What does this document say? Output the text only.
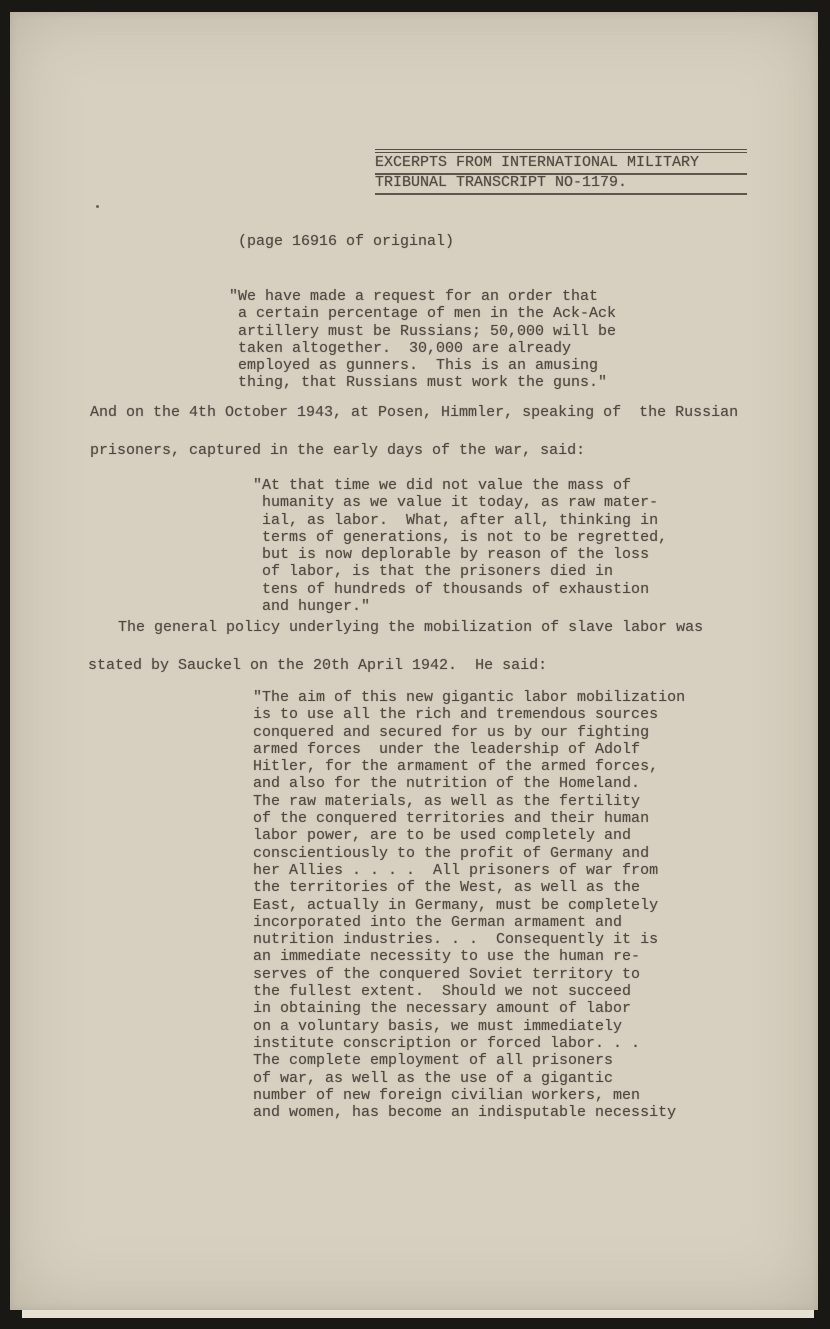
EXCERPTS FROM INTERNATIONAL MILITARY
TRIBUNAL TRANSCRIPT NO-1179.
(page 16916 of original)
"We have made a request for an order that
a certain percentage of men in the Ack-Ack
artillery must be Russians; 50,000 will be
taken altogether.  30,000 are already
employed as gunners.  This is an amusing
thing, that Russians must work the guns."
And on the 4th October 1943, at Posen, Himmler, speaking of  the Russian
prisoners, captured in the early days of the war, said:
"At that time we did not value the mass of
humanity as we value it today, as raw mater-
ial, as labor.  What, after all, thinking in
terms of generations, is not to be regretted,
but is now deplorable by reason of the loss
of labor, is that the prisoners died in
tens of hundreds of thousands of exhaustion
and hunger."
The general policy underlying the mobilization of slave labor was
stated by Sauckel on the 20th April 1942.  He said:
"The aim of this new gigantic labor mobilization
is to use all the rich and tremendous sources
conquered and secured for us by our fighting
armed forces  under the leadership of Adolf
Hitler, for the armament of the armed forces,
and also for the nutrition of the Homeland.
The raw materials, as well as the fertility
of the conquered territories and their human
labor power, are to be used completely and
conscientiously to the profit of Germany and
her Allies . . . .  All prisoners of war from
the territories of the West, as well as the
East, actually in Germany, must be completely
incorporated into the German armament and
nutrition industries. . .  Consequently it is
an immediate necessity to use the human re-
serves of the conquered Soviet territory to
the fullest extent.  Should we not succeed
in obtaining the necessary amount of labor
on a voluntary basis, we must immediately
institute conscription or forced labor. . .
The complete employment of all prisoners
of war, as well as the use of a gigantic
number of new foreign civilian workers, men
and women, has become an indisputable necessity
